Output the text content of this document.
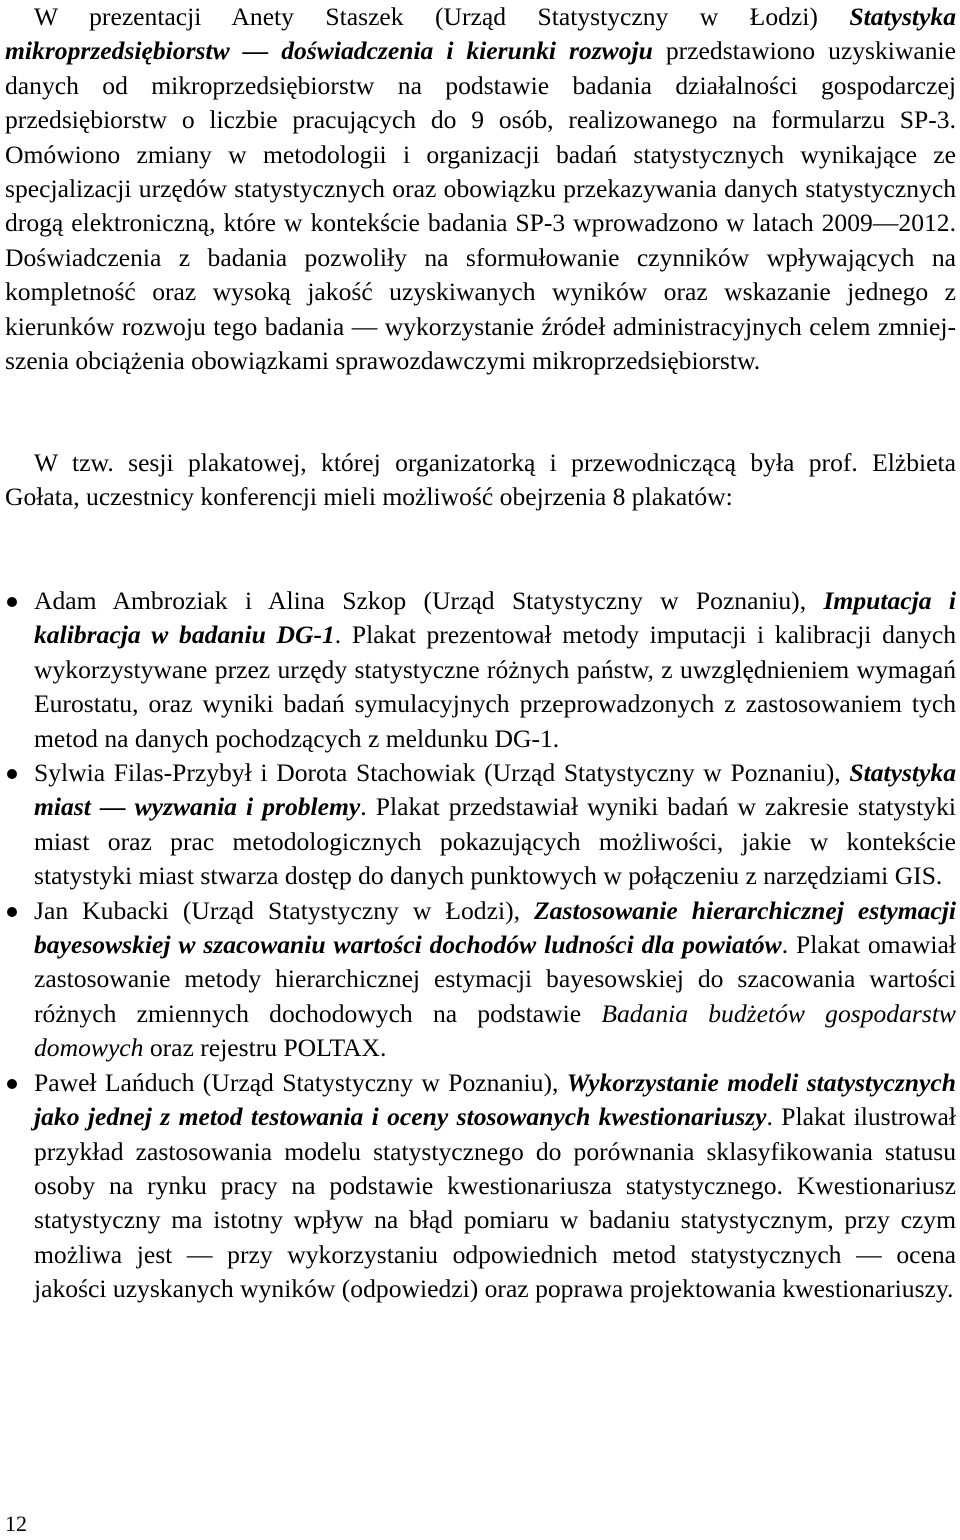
W prezentacji Anety Staszek (Urząd Statystyczny w Łodzi) Statystyka mikroprzedsiębiorstw — doświadczenia i kierunki rozwoju przedstawiono uzyskiwanie danych od mikroprzedsiębiorstw na podstawie badania działalności gospodarczej przedsiębiorstw o liczbie pracujących do 9 osób, realizowanego na formularzu SP-3. Omówiono zmiany w metodologii i organizacji badań statystycznych wynikające ze specjalizacji urzędów statystycznych oraz obowiązku przekazywania danych statystycznych drogą elektroniczną, które w kontekście badania SP-3 wprowadzono w latach 2009—2012. Doświadczenia z badania pozwoliły na sformułowanie czynników wpływających na kompletność oraz wysoką jakość uzyskiwanych wyników oraz wskazanie jednego z kierunków rozwoju tego badania — wykorzystanie źródeł administracyjnych celem zmniejszenia obciążenia obowiązkami sprawozdawczymi mikroprzedsiębiorstw.

W tzw. sesji plakatowej, której organizatorką i przewodniczącą była prof. Elżbieta Gołata, uczestnicy konferencji mieli możliwość obejrzenia 8 plakatów:

Adam Ambroziak i Alina Szkop (Urząd Statystyczny w Poznaniu), Imputacja i kalibracja w badaniu DG-1. Plakat prezentował metody imputacji i kalibracji danych wykorzystywane przez urzędy statystyczne różnych państw, z uwzględnieniem wymagań Eurostatu, oraz wyniki badań symulacyjnych przeprowadzonych z zastosowaniem tych metod na danych pochodzących z meldunku DG-1.
Sylwia Filas-Przybył i Dorota Stachowiak (Urząd Statystyczny w Poznaniu), Statystyka miast — wyzwania i problemy. Plakat przedstawiał wyniki badań w zakresie statystyki miast oraz prac metodologicznych pokazujących możliwości, jakie w kontekście statystyki miast stwarza dostęp do danych punktowych w połączeniu z narzędziami GIS.
Jan Kubacki (Urząd Statystyczny w Łodzi), Zastosowanie hierarchicznej estymacji bayesowskiej w szacowaniu wartości dochodów ludności dla powiatów. Plakat omawiał zastosowanie metody hierarchicznej estymacji bayesowskiej do szacowania wartości różnych zmiennych dochodowych na podstawie Badania budżetów gospodarstw domowych oraz rejestru POLTAX.
Paweł Lańduch (Urząd Statystyczny w Poznaniu), Wykorzystanie modeli statystycznych jako jednej z metod testowania i oceny stosowanych kwestionariuszy. Plakat ilustrował przykład zastosowania modelu statystycznego do porównania sklasyfikowania statusu osoby na rynku pracy na podstawie kwestionariusza statystycznego. Kwestionariusz statystyczny ma istotny wpływ na błąd pomiaru w badaniu statystycznym, przy czym możliwa jest — przy wykorzystaniu odpowiednich metod statystycznych — ocena jakości uzyskanych wyników (odpowiedzi) oraz poprawa projektowania kwestionariuszy.
12
